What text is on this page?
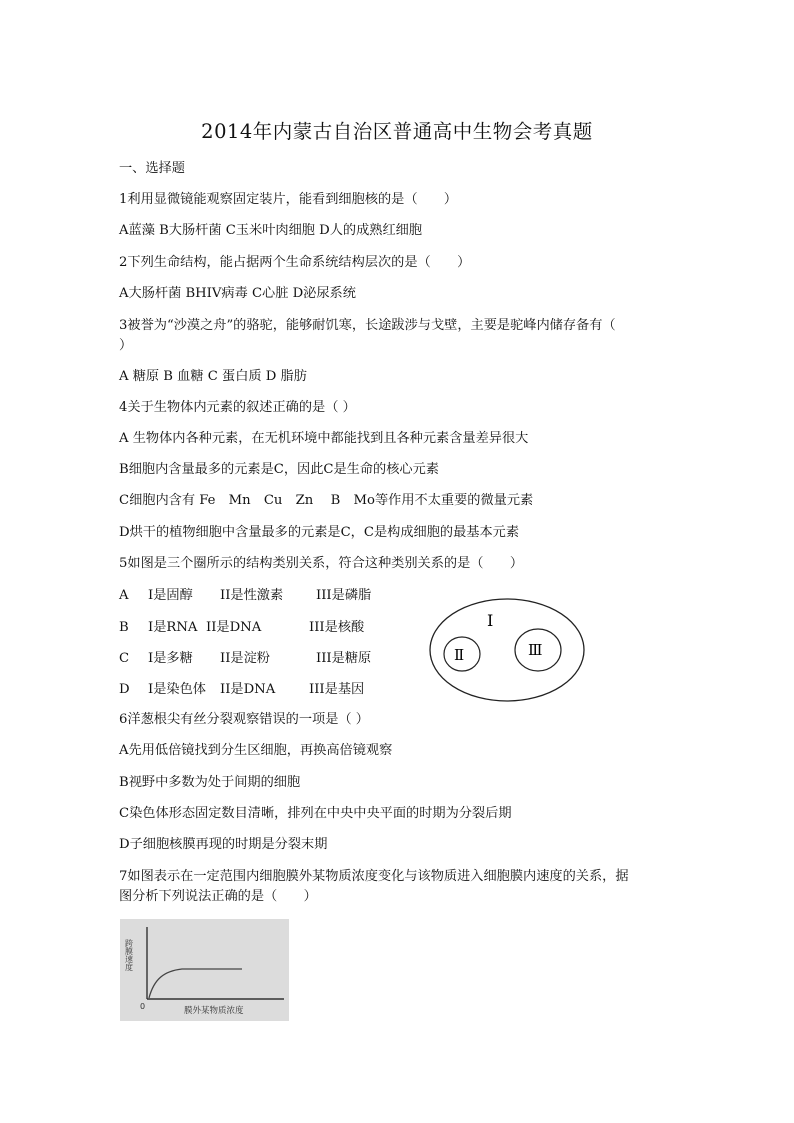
2014年内蒙古自治区普通高中生物会考真题
一、选择题
1利用显微镜能观察固定装片，能看到细胞核的是（　　）
A蓝藻 B大肠杆菌 C玉米叶肉细胞 D人的成熟红细胞
2下列生命结构，能占据两个生命系统结构层次的是（　　）
A大肠杆菌 BHIV病毒 C心脏 D泌尿系统
3被誉为“沙漠之舟”的骆驼，能够耐饥寒，长途跋涉与戈壁，主要是驼峰内储存备有（
）
A 糖原 B 血糖 C 蛋白质 D 脂肪
4关于生物体内元素的叙述正确的是（ ）
A 生物体内各种元素，在无机环境中都能找到且各种元素含量差异很大
B细胞内含量最多的元素是C，因此C是生命的核心元素
C细胞内含有 Fe　Mn　Cu　Zn　 B　Mo等作用不太重要的微量元素
D烘干的植物细胞中含量最多的元素是C，C是构成细胞的最基本元素
5如图是三个圈所示的结构类别关系，符合这种类别关系的是（　　）
A I是固醇 II是性激素 III是磷脂
B I是RNA II是DNA	III是核酸
C I是多糖 II是淀粉	III是糖原
D I是染色体 II是DNA	III是基因
I
Ⅱ	Ⅲ
6洋葱根尖有丝分裂观察错误的一项是（ ）
A先用低倍镜找到分生区细胞，再换高倍镜观察
B视野中多数为处于间期的细胞
C染色体形态固定数目清晰，排列在中央中央平面的时期为分裂后期
D子细胞核膜再现的时期是分裂末期
7如图表示在一定范围内细胞膜外某物质浓度变化与该物质进入细胞膜内速度的关系，据
图分析下列说法正确的是（　　）
0
跨膜速度
膜外某物质浓度
